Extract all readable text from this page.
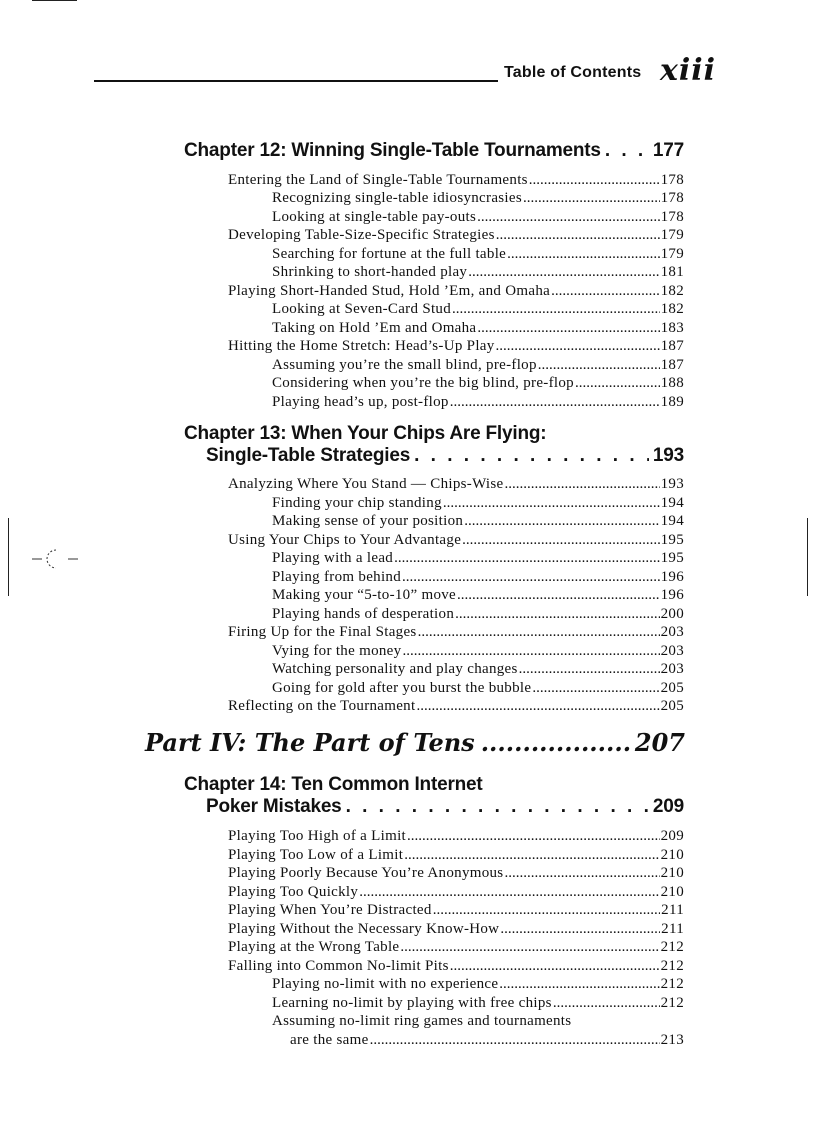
Table of Contents xiii
Chapter 12: Winning Single-Table Tournaments . . .	177
Entering the Land of Single-Table Tournaments .....	178
Recognizing single-table idiosyncrasies .....	178
Looking at single-table pay-outs .....	178
Developing Table-Size-Specific Strategies .....	179
Searching for fortune at the full table .....	179
Shrinking to short-handed play .....	181
Playing Short-Handed Stud, Hold ’Em, and Omaha .....	182
Looking at Seven-Card Stud .....	182
Taking on Hold ’Em and Omaha .....	183
Hitting the Home Stretch: Head’s-Up Play .....	187
Assuming you’re the small blind, pre-flop .....	187
Considering when you’re the big blind, pre-flop .....	188
Playing head’s up, post-flop .....	189
Chapter 13: When Your Chips Are Flying:
Single-Table Strategies . . .	193
Analyzing Where You Stand — Chips-Wise .....	193
Finding your chip standing .....	194
Making sense of your position .....	194
Using Your Chips to Your Advantage .....	195
Playing with a lead .....	195
Playing from behind .....	196
Making your “5-to-10” move .....	196
Playing hands of desperation .....	200
Firing Up for the Final Stages .....	203
Vying for the money .....	203
Watching personality and play changes .....	203
Going for gold after you burst the bubble .....	205
Reflecting on the Tournament .....	205
Part IV: The Part of Tens .....	207
Chapter 14: Ten Common Internet
Poker Mistakes . . .	209
Playing Too High of a Limit .....	209
Playing Too Low of a Limit .....	210
Playing Poorly Because You’re Anonymous .....	210
Playing Too Quickly .....	210
Playing When You’re Distracted .....	211
Playing Without the Necessary Know-How .....	211
Playing at the Wrong Table .....	212
Falling into Common No-limit Pits .....	212
Playing no-limit with no experience .....	212
Learning no-limit by playing with free chips .....	212
Assuming no-limit ring games and tournaments
are the same .....	213
